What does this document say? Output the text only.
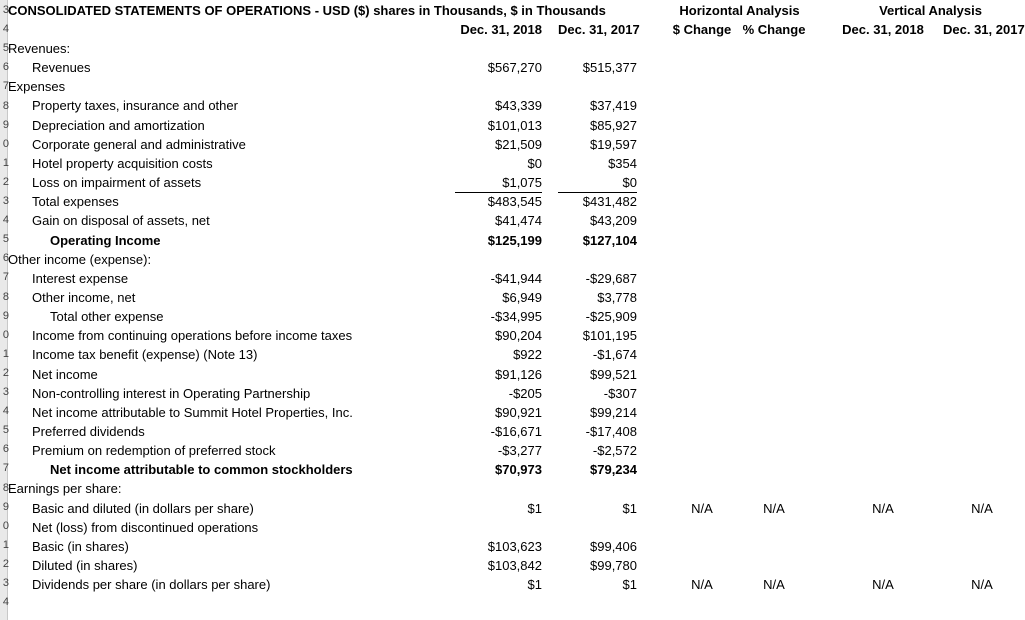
3
4
5
6
7
8
9
0
1
2
3
4
5
6
7
8
9
0
1
2
3
4
5
6
7
8
9
0
1
2
3
4
CONSOLIDATED STATEMENTS OF OPERATIONS - USD ($) shares in Thousands, $ in Thousands	Horizontal Analysis	Vertical Analysis
Dec. 31, 2018 Dec. 31, 2017	$ Change % Change	Dec. 31, 2018 Dec. 31, 2017
Revenues:
Revenues	$567,270	$515,377
Expenses
Property taxes, insurance and other	$43,339	$37,419
Depreciation and amortization	$101,013	$85,927
Corporate general and administrative	$21,509	$19,597
Hotel property acquisition costs	$0	$354
Loss on impairment of assets	$1,075	$0
Total expenses	$483,545	$431,482
Gain on disposal of assets, net	$41,474	$43,209
Operating Income	$125,199	$127,104
Other income (expense):
Interest expense	-$41,944	-$29,687
Other income, net	$6,949	$3,778
Total other expense	-$34,995	-$25,909
Income from continuing operations before income taxes	$90,204	$101,195
Income tax benefit (expense) (Note 13)	$922	-$1,674
Net income	$91,126	$99,521
Non-controlling interest in Operating Partnership	-$205	-$307
Net income attributable to Summit Hotel Properties, Inc.	$90,921	$99,214
Preferred dividends	-$16,671	-$17,408
Premium on redemption of preferred stock	-$3,277	-$2,572
Net income attributable to common stockholders	$70,973	$79,234
Earnings per share:
Basic and diluted (in dollars per share)	$1	$1	N/A	N/A	N/A	N/A
Net (loss) from discontinued operations
Basic (in shares)	$103,623	$99,406
Diluted (in shares)	$103,842	$99,780
Dividends per share (in dollars per share)	$1	$1	N/A	N/A	N/A	N/A
